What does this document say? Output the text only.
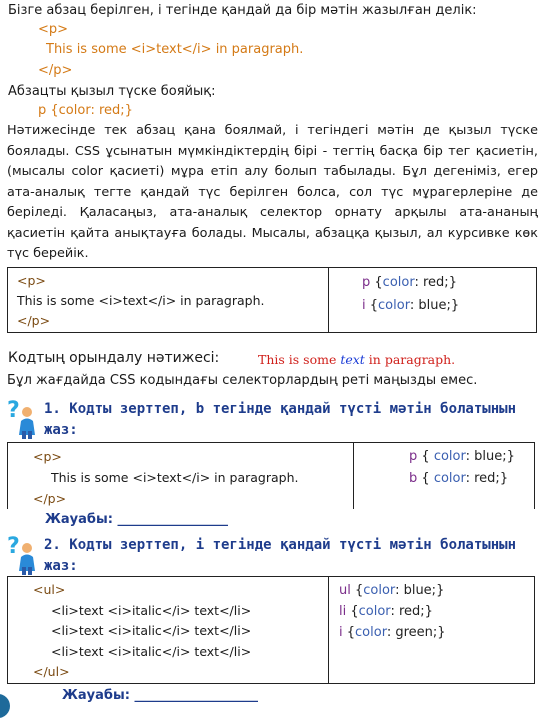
Бізге абзац берілген, і тегінде қандай да бір мәтін жазылған делік:
<p>
This is some <i>text</i> in paragraph.
</p>
Абзацты қызыл түске бояйық:
p {color: red;}
Нәтижесінде тек абзац қана боялмай, і тегіндегі мәтін де қызыл түске боялады. CSS ұсынатын мүмкіндіктердің бірі - тегтің басқа бір тег қасиетін, (мысалы color қасиеті) мұра етіп алу болып табылады. Бұл дегеніміз, егер ата-аналық тегте қандай түс берілген болса, сол түс мұрагерлеріне де беріледі. Қаласаңыз, ата-аналық селектор орнату арқылы ата-ананың қасиетін қайта анықтауға болады. Мысалы, абзацқа қызыл, ал курсивке көк түс берейік.
<p>
This is some <i>text</i> in paragraph.
</p>

p {color: red;}
i {color: blue;}
Кодтың орындалу нәтижесі:	This is some text in paragraph.
Бұл жағдайда CSS кодындағы селекторлардың реті маңызды емес.
? 1. Кодты зерттеп, b тегінде қандай түсті мәтін болатынын жаз:
<p>
This is some <i>text</i> in paragraph.
</p>

p { color: blue;}
b { color: red;}
Жауабы: _________________
? 2. Кодты зерттеп, і тегінде қандай түсті мәтін болатынын жаз:
<ul>
<li>text <i>italic</i> text</li>
<li>text <i>italic</i> text</li>
<li>text <i>italic</i> text</li>
</ul>

ul {color: blue;}
li {color: red;}
i {color: green;}
Жауабы: ___________________
